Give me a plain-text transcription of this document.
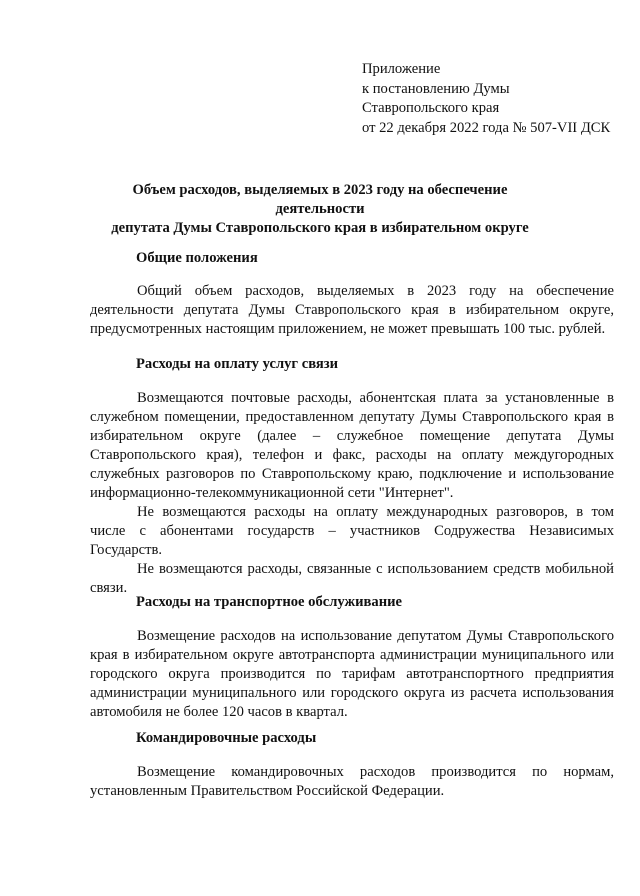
Приложение
к постановлению Думы
Ставропольского края
от 22 декабря 2022 года № 507-VII ДСК
Объем расходов, выделяемых в 2023 году на обеспечение деятельности
депутата Думы Ставропольского края в избирательном округе
Общие положения

Общий объем расходов, выделяемых в 2023 году на обеспечение деятельности депутата Думы Ставропольского края в избирательном округе, предусмотренных настоящим приложением, не может превышать 100 тыс. рублей.

Расходы на оплату услуг связи

Возмещаются почтовые расходы, абонентская плата за установленные в служебном помещении, предоставленном депутату Думы Ставропольского края в избирательном округе (далее – служебное помещение депутата Думы Ставропольского края), телефон и факс, расходы на оплату междугородных служебных разговоров по Ставропольскому краю, подключение и использование информационно-телекоммуникационной сети "Интернет".

Не возмещаются расходы на оплату международных разговоров, в том числе с абонентами государств – участников Содружества Независимых Государств.

Не возмещаются расходы, связанные с использованием средств мобильной связи.

Расходы на транспортное обслуживание

Возмещение расходов на использование депутатом Думы Ставропольского края в избирательном округе автотранспорта администрации муниципального или городского округа производится по тарифам автотранспортного предприятия администрации муниципального или городского округа из расчета использования автомобиля не более 120 часов в квартал.

Командировочные расходы

Возмещение командировочных расходов производится по нормам, установленным Правительством Российской Федерации.
